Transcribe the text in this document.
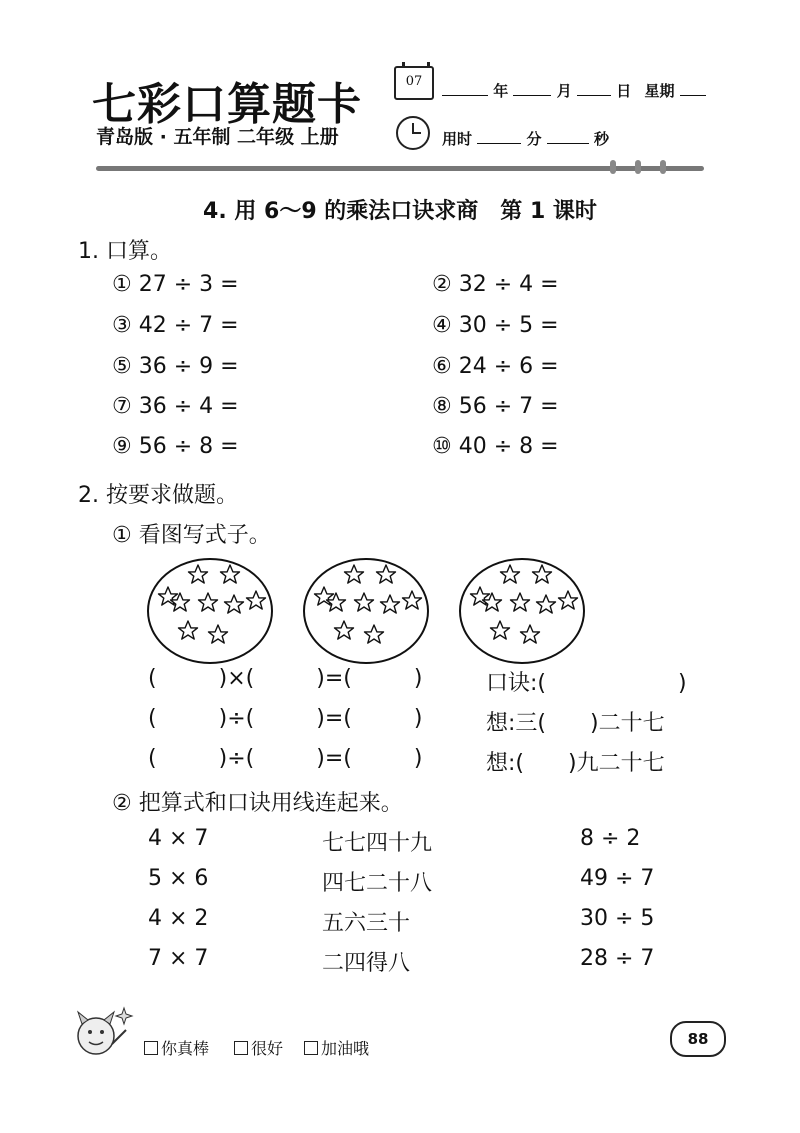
七彩口算题卡
青岛版 · 五年制 二年级 上册
07
年	月	日 星期
用时	分	秒
4. 用 6～9 的乘法口诀求商　第 1 课时
1. 口算。
① 27 ÷ 3 =	② 32 ÷ 4 =
③ 42 ÷ 7 =	④ 30 ÷ 5 =
⑤ 36 ÷ 9 =	⑥ 24 ÷ 6 =
⑦ 36 ÷ 4 =	⑧ 56 ÷ 7 =
⑨ 56 ÷ 8 =	⑩ 40 ÷ 8 =
2. 按要求做题。
① 看图写式子。
(	)×(	)=(	)	口诀:(　　　　　　)
(	)÷(	)=(	)	想:三(　　)二十七
(	)÷(	)=(	)	想:(　　)九二十七
② 把算式和口诀用线连起来。
4 × 7	七七四十九	8 ÷ 2
5 × 6	四七二十八	49 ÷ 7
4 × 2	五六三十	30 ÷ 5
7 × 7	二四得八	28 ÷ 7
你真棒	很好	加油哦	88
